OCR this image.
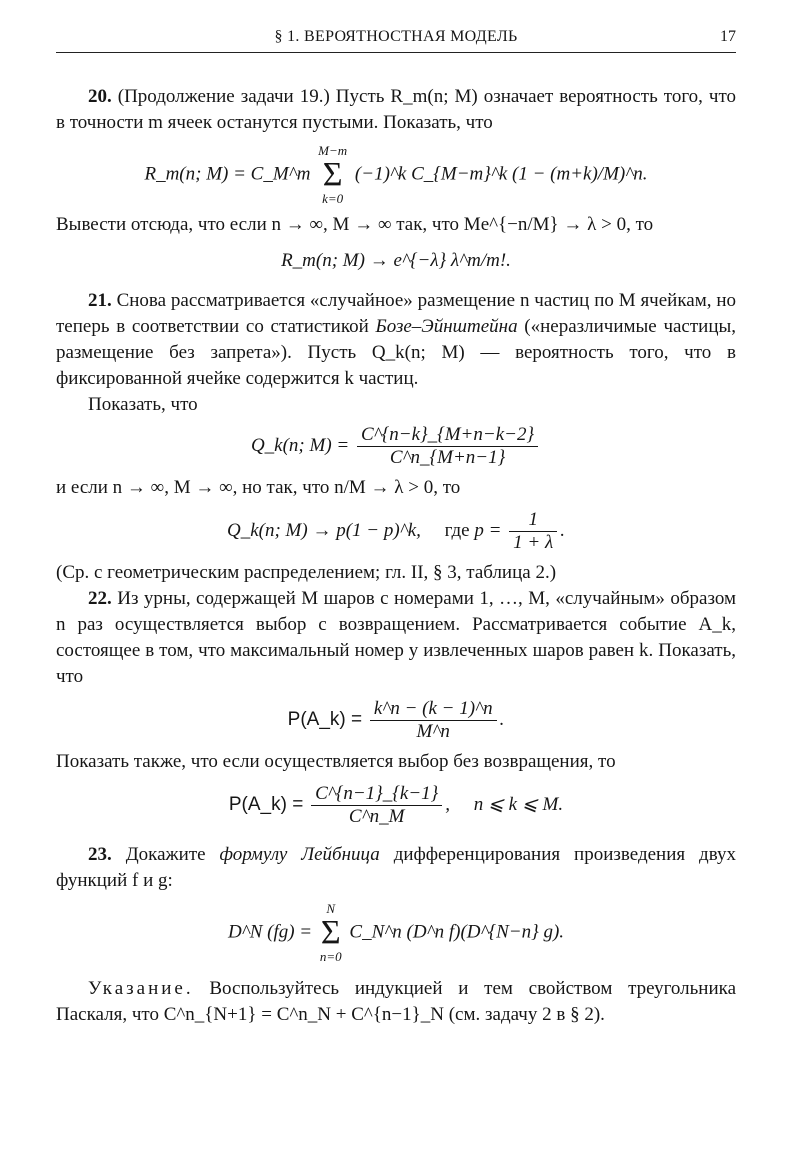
§ 1. ВЕРОЯТНОСТНАЯ МОДЕЛЬ	17

20. (Продолжение задачи 19.) Пусть R_m(n; M) означает вероятность того, что в точности m ячеек останутся пустыми. Показать, что

R_m(n; M) = C_M^m
M−m
Σ
k=0
(−1)^k C_{M−m}^k (1 − (m+k)/M)^n.

Вывести отсюда, что если n → ∞, M → ∞ так, что Me^{−n/M} → λ > 0, то

R_m(n; M) → e^{−λ} λ^m/m!.

21. Снова рассматривается «случайное» размещение n частиц по M ячейкам, но теперь в соответствии со статистикой Бозе–Эйнштейна («неразличимые частицы, размещение без запрета»). Пусть Q_k(n; M) — вероятность того, что в фиксированной ячейке содержится k частиц.

Показать, что

Q_k(n; $M) = \frac{C\^{}\{n-k\}\_\{M+n-k-2\}}{C\^{}n\_\{M+n-1\}}$

и если n → ∞, M → ∞, но так, что n/M → λ > 0, то

Q_k(n; M) → p(1 − p)^k, где $p = \frac{1}{1 + \lambda}$ .

(Ср. с геометрическим распределением; гл. II, § 3, таблица 2.)

22. Из урны, содержащей M шаров с номерами 1, …, M, «случайным» образом n раз осуществляется выбор с возвращением. Рассматривается событие A_k, состоящее в том, что максимальный номер у извлеченных шаров равен k. Показать, что

P(A_k) = $\frac{k\^{}n - (k - 1)\^{}n}{M\^{}n}$ .

Показать также, что если осуществляется выбор без возвращения, то

P(A_k) = $\frac{C\^{}\{n-1\}\_\{k-1\}}{C\^{}n\_M}$ ,     n ⩽ k ⩽ M.

23. Докажите формулу Лейбница дифференцирования произведения двух функций f и g:

D^N (fg) =
N
Σ
n=0
C_N^n (D^n f)(D^{N−n} g).

Указание. Воспользуйтесь индукцией и тем свойством треугольника Паскаля, что C^n_{N+1} = C^n_N + C^{n−1}_N (см. задачу 2 в § 2).
